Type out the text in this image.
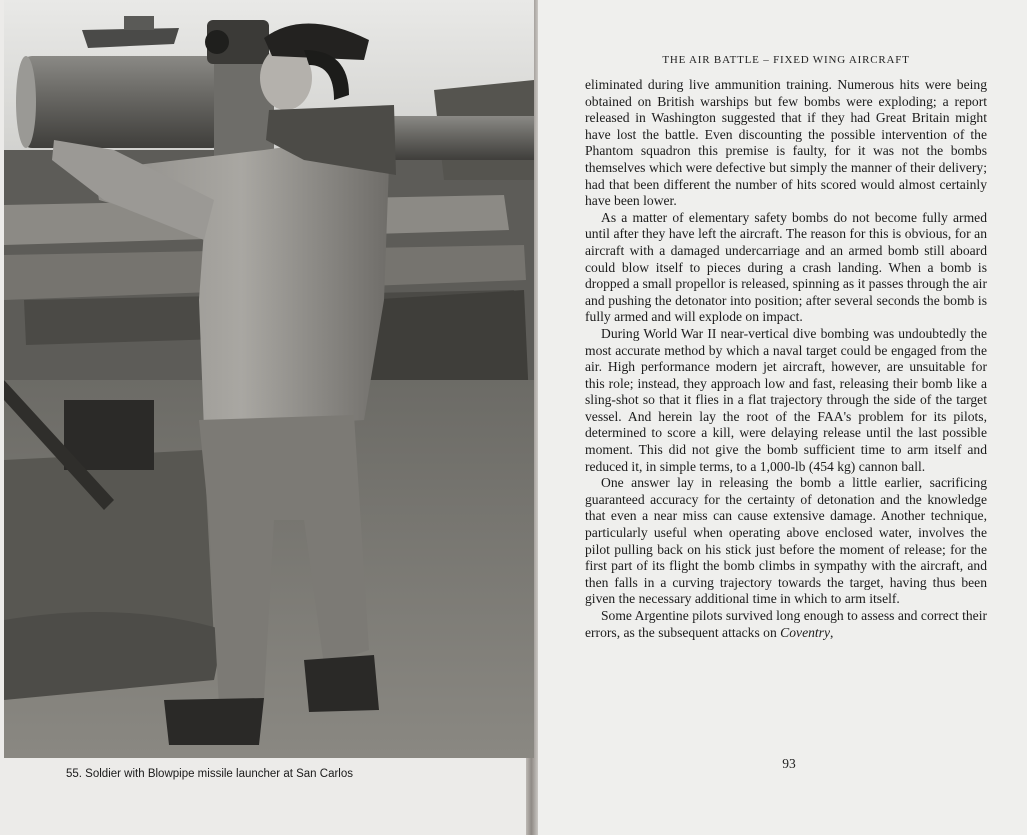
55. Soldier with Blowpipe missile launcher at San Carlos
THE AIR BATTLE – FIXED WING AIRCRAFT

eliminated during live ammunition training. Numerous hits were being obtained on British warships but few bombs were exploding; a report released in Washington suggested that if they had Great Britain might have lost the battle. Even discounting the possible intervention of the Phantom squadron this premise is faulty, for it was not the bombs themselves which were defective but simply the manner of their delivery; had that been different the number of hits scored would almost certainly have been lower.

As a matter of elementary safety bombs do not become fully armed until after they have left the aircraft. The reason for this is obvious, for an aircraft with a damaged undercarriage and an armed bomb still aboard could blow itself to pieces during a crash landing. When a bomb is dropped a small propellor is released, spinning as it passes through the air and pushing the detonator into position; after several seconds the bomb is fully armed and will explode on impact.

During World War II near-vertical dive bombing was undoubtedly the most accurate method by which a naval target could be engaged from the air. High performance modern jet aircraft, however, are unsuitable for this role; instead, they approach low and fast, releasing their bomb like a sling-shot so that it flies in a flat trajectory through the side of the target vessel. And herein lay the root of the FAA's problem for its pilots, determined to score a kill, were delaying release until the last possible moment. This did not give the bomb sufficient time to arm itself and reduced it, in simple terms, to a 1,000-lb (454 kg) cannon ball.

One answer lay in releasing the bomb a little earlier, sacrificing guaranteed accuracy for the certainty of detonation and the knowledge that even a near miss can cause extensive damage. Another technique, particularly useful when operating above enclosed water, involves the pilot pulling back on his stick just before the moment of release; for the first part of its flight the bomb climbs in sympathy with the aircraft, and then falls in a curving trajectory towards the target, having thus been given the necessary additional time in which to arm itself.

Some Argentine pilots survived long enough to assess and correct their errors, as the subsequent attacks on Coventry,

93
